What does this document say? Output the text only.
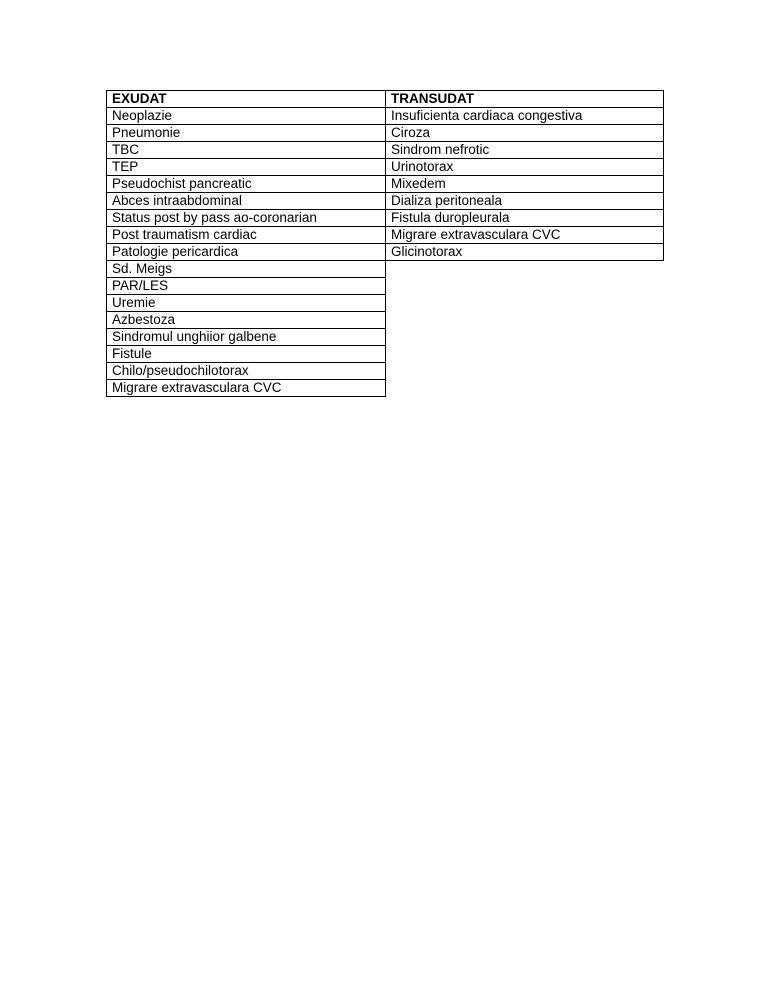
EXUDAT	TRANSUDAT
Neoplazie	Insuficienta cardiaca congestiva
Pneumonie	Ciroza
TBC	Sindrom nefrotic
TEP	Urinotorax
Pseudochist pancreatic	Mixedem
Abces intraabdominal	Dializa peritoneala
Status post by pass ao-coronarian	Fistula duropleurala
Post traumatism cardiac	Migrare extravasculara CVC
Patologie pericardica	Glicinotorax
Sd. Meigs	
PAR/LES	
Uremie	
Azbestoza	
Sindromul unghiior galbene	
Fistule	
Chilo/pseudochilotorax	
Migrare extravasculara CVC	
